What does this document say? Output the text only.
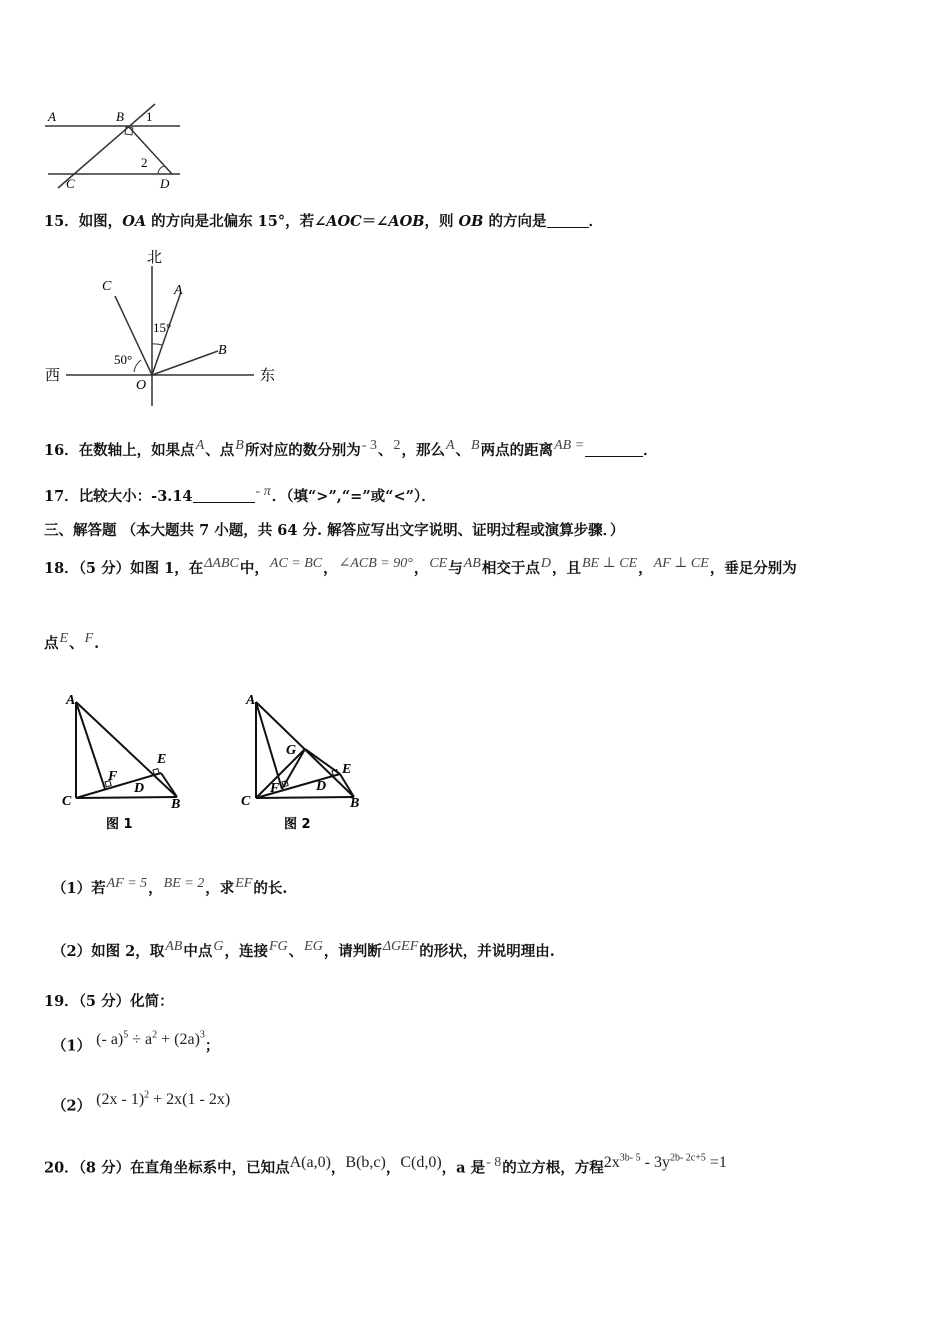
A	B 1
2
C	D
15．如图，OA 的方向是北偏东 15°，若∠AOC＝∠AOB，则 OB 的方向是	．
北
西	东
C	A
B
O
15°
50°
16．在数轴上，如果点A、点B所对应的数分别为- 3、2，那么A、B两点的距离AB =	．
17．比较大小：-3.14	- π．（填“>”,“=”或“<”）．
三、解答题 （本大题共 7 小题，共 64 分. 解答应写出文字说明、证明过程或演算步骤．）
18．（5 分）如图 1，在ΔABC中，AC = BC，∠ACB = 90°，CE与AB相交于点D，且BE ⊥ CE，AF ⊥ CE，垂足分别为
点E、F.
A
C	B
F
D
E
图 1
A
G
C	B
F	D
E
图 2
（1）若AF = 5，BE = 2，求EF的长.
（2）如图 2，取AB中点G，连接FG、EG，请判断ΔGEF的形状，并说明理由.
19．（5 分）化简：
（1） (- $a)^5 \div a^2 + (2a)^3$；
（2） (2x - 1)$^2$ + 2x(1 - 2x)
20．（8 分）在直角坐标系中，已知点A(a,0)，B(b,c)，C(d,0)，a 是- 8的立方根，方程$2x^{3b- 5} - 3y^{2b- 2c+5} =1$
